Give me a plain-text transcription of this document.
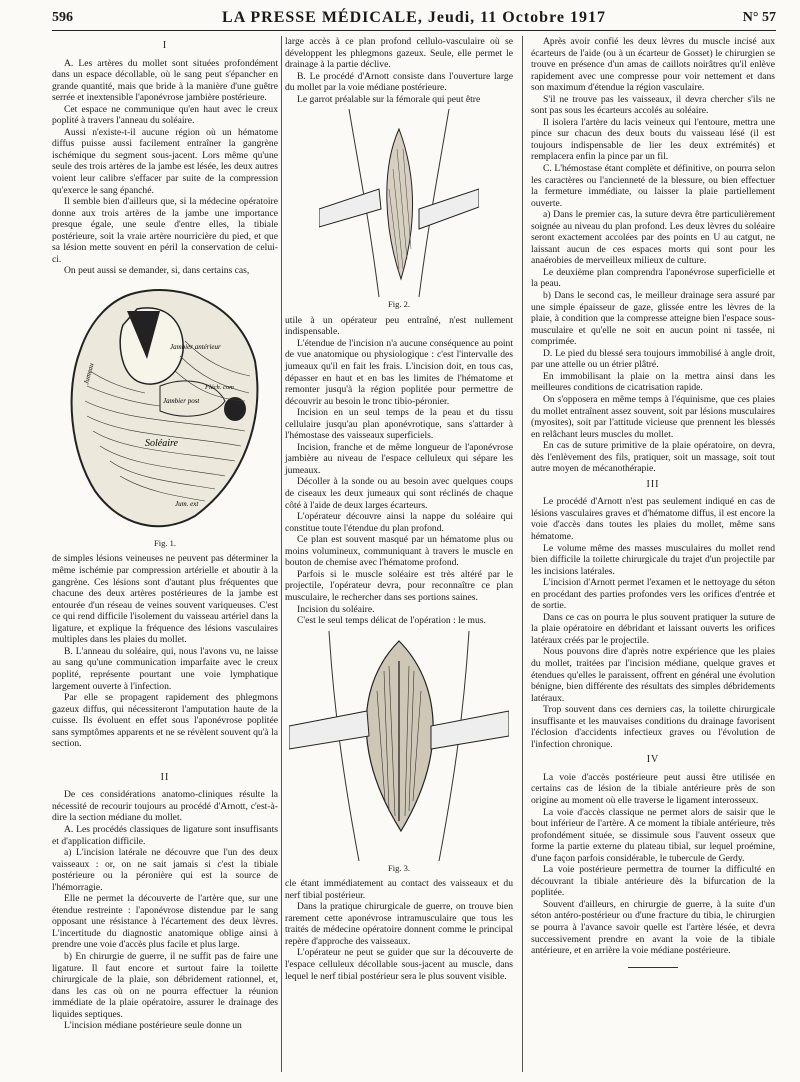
596	LA PRESSE MÉDICALE, Jeudi, 11 Octobre 1917	N° 57
I

A. Les artères du mollet sont situées profondément dans un espace décollable, où le sang peut s'épancher en grande quantité, mais que bride à la manière d'une guêtre serrée et inextensible l'aponévrose jambière postérieure.

Cet espace ne communique qu'en haut avec le creux poplité à travers l'anneau du soléaire.

Aussi n'existe-t-il aucune région où un hématome diffus puisse aussi facilement entraîner la gangrène ischémique du segment sous-jacent. Lors même qu'une seule des trois artères de la jambe est lésée, les deux autres voient leur calibre s'effacer par suite de la compression qu'exerce le sang épanché.

Il semble bien d'ailleurs que, si la médecine opératoire donne aux trois artères de la jambe une importance presque égale, une seule d'entre elles, la tibiale postérieure, soit la vraie artère nourricière du pied, et que sa lésion mette souvent en péril la conservation de celui-ci.

On peut aussi se demander, si, dans certains cas,

Jambier antérieur
Jambier post
Jumeau
Soléaire
Jum. ext
Fléch. com
Fig. 1.

de simples lésions veineuses ne peuvent pas déterminer la même ischémie par compression artérielle et aboutir à la gangrène. Ces lésions sont d'autant plus fréquentes que chacune des deux artères postérieures de la jambe est entourée d'un réseau de veines souvent variqueuses. C'est ce qui rend difficile l'isolement du vaisseau artériel dans la ligature, et explique la fréquence des lésions vasculaires multiples dans les plaies du mollet.

B. L'anneau du soléaire, qui, nous l'avons vu, ne laisse au sang qu'une communication imparfaite avec le creux poplité, représente pourtant une voie lymphatique largement ouverte à l'infection.

Par elle se propagent rapidement des phlegmons gazeux diffus, qui nécessiteront l'amputation haute de la cuisse. Ils évoluent en effet sous l'aponévrose poplitée sans symptômes apparents et ne se révèlent souvent qu'à la section.

II

De ces considérations anatomo-cliniques résulte la nécessité de recourir toujours au procédé d'Arnott, c'est-à-dire la section médiane du mollet.

A. Les procédés classiques de ligature sont insuffisants et d'application difficile.

a) L'incision latérale ne découvre que l'un des deux vaisseaux : or, on ne sait jamais si c'est la tibiale postérieure ou la péronière qui est la source de l'hémorragie.

Elle ne permet la découverte de l'artère que, sur une étendue restreinte : l'aponévrose distendue par le sang opposant une résistance à l'écartement des deux lèvres. L'incertitude du diagnostic anatomique oblige ainsi à prendre une voie d'accès plus facile et plus large.

b) En chirurgie de guerre, il ne suffit pas de faire une ligature. Il faut encore et surtout faire la toilette chirurgicale de la plaie, son débridement rationnel, et, dans les cas où on ne pourra effectuer la réunion immédiate de la plaie opératoire, assurer le drainage des liquides septiques.

L'incision médiane postérieure seule donne un

large accès à ce plan profond cellulo-vasculaire où se développent les phlegmons gazeux. Seule, elle permet le drainage à la partie déclive.

B. Le procédé d'Arnott consiste dans l'ouverture large du mollet par la voie médiane postérieure.

Le garrot préalable sur la fémorale qui peut être

Fig. 2.

utile à un opérateur peu entraîné, n'est nullement indispensable.

L'étendue de l'incision n'a aucune conséquence au point de vue anatomique ou physiologique : c'est l'intervalle des jumeaux qu'il en fait les frais. L'incision doit, en tous cas, dépasser en haut et en bas les limites de l'hématome et remonter jusqu'à la région poplitée pour permettre de découvrir au besoin le tronc tibio-péronier.

Incision en un seul temps de la peau et du tissu cellulaire jusqu'au plan aponévrotique, sans s'attarder à l'hémostase des vaisseaux superficiels.

Incision, franche et de même longueur de l'aponévrose jambière au niveau de l'espace celluleux qui sépare les jumeaux.

Décoller à la sonde ou au besoin avec quelques coups de ciseaux les deux jumeaux qui sont réclinés de chaque côté à l'aide de deux larges écarteurs.

L'opérateur découvre ainsi la nappe du soléaire qui constitue toute l'étendue du plan profond.

Ce plan est souvent masqué par un hématome plus ou moins volumineux, communiquant à travers le muscle en bouton de chemise avec l'hématome profond.

Parfois si le muscle soléaire est très altéré par le projectile, l'opérateur devra, pour reconnaître ce plan musculaire, le rechercher dans ses portions saines.

Incision du soléaire.

C'est le seul temps délicat de l'opération : le mus.

Fig. 3.

cle étant immédiatement au contact des vaisseaux et du nerf tibial postérieur.

Dans la pratique chirurgicale de guerre, on trouve bien rarement cette aponévrose intramusculaire que tous les traités de médecine opératoire donnent comme le principal repère d'approche des vaisseaux.

L'opérateur ne peut se guider que sur la découverte de l'espace celluleux décollable sous-jacent au muscle, dans lequel le nerf tibial postérieur sera le plus souvent visible.

Après avoir confié les deux lèvres du muscle incisé aux écarteurs de l'aide (ou à un écarteur de Gosset) le chirurgien se trouve en présence d'un amas de caillots noirâtres qu'il enlève rapidement avec une compresse pour voir nettement et dans son maximum d'étendue la région vasculaire.

S'il ne trouve pas les vaisseaux, il devra chercher s'ils ne sont pas sous les écarteurs accolés au soléaire.

Il isolera l'artère du lacis veineux qui l'entoure, mettra une pince sur chacun des deux bouts du vaisseau lésé (il est toujours indispensable de lier les deux extrémités) et remplacera enfin la pince par un fil.

C. L'hémostase étant complète et définitive, on pourra selon les caractères ou l'ancienneté de la blessure, ou bien effectuer la fermeture immédiate, ou laisser la plaie partiellement ouverte.

a) Dans le premier cas, la suture devra être particulièrement soignée au niveau du plan profond. Les deux lèvres du soléaire seront exactement accolées par des points en U au catgut, ne laissant aucun de ces espaces morts qui sont pour les anaérobies de merveilleux milieux de culture.

Le deuxième plan comprendra l'aponévrose superficielle et la peau.

b) Dans le second cas, le meilleur drainage sera assuré par une simple épaisseur de gaze, glissée entre les lèvres de la plaie, à condition que la compresse atteigne bien l'espace sous-musculaire et qu'elle ne soit en aucun point ni tassée, ni comprimée.

D. Le pied du blessé sera toujours immobilisé à angle droit, par une attelle ou un étrier plâtré.

En immobilisant la plaie on la mettra ainsi dans les meilleures conditions de cicatrisation rapide.

On s'opposera en même temps à l'équinisme, que ces plaies du mollet entraînent assez souvent, soit par lésions musculaires (myosites), soit par l'attitude vicieuse que prennent les blessés en relâchant leurs muscles du mollet.

En cas de suture primitive de la plaie opératoire, on devra, dès l'enlèvement des fils, pratiquer, soit un massage, soit tout autre moyen de mécanothérapie.

III

Le procédé d'Arnott n'est pas seulement indiqué en cas de lésions vasculaires graves et d'hématome diffus, il est encore la voie d'accès dans toutes les plaies du mollet, même sans hématome.

Le volume même des masses musculaires du mollet rend bien difficile la toilette chirurgicale du trajet d'un projectile par les incisions latérales.

L'incision d'Arnott permet l'examen et le nettoyage du séton en procédant des parties profondes vers les orifices d'entrée et de sortie.

Dans ce cas on pourra le plus souvent pratiquer la suture de la plaie opératoire en débridant et laissant ouverts les orifices latéraux créés par le projectile.

Nous pouvons dire d'après notre expérience que les plaies du mollet, traitées par l'incision médiane, quelque graves et étendues qu'elles le paraissent, offrent en général une évolution bénigne, bien différente des résultats des simples débridements latéraux.

Trop souvent dans ces derniers cas, la toilette chirurgicale insuffisante et les mauvaises conditions du drainage favorisent l'éclosion d'accidents infectieux graves ou l'évolution de l'infection chronique.

IV

La voie d'accès postérieure peut aussi être utilisée en certains cas de lésion de la tibiale antérieure près de son origine au moment où elle traverse le ligament interosseux.

La voie d'accès classique ne permet alors de saisir que le bout inférieur de l'artère. A ce moment la tibiale antérieure, très profondément située, se dissimule sous l'auvent osseux que forme la partie externe du plateau tibial, sur lequel proémine, d'une façon parfois considérable, le tubercule de Gerdy.

La voie postérieure permettra de tourner la difficulté en découvrant la tibiale antérieure dès la bifurcation de la poplitée.

Souvent d'ailleurs, en chirurgie de guerre, à la suite d'un séton antéro-postérieur ou d'une fracture du tibia, le chirurgien se pourra à l'avance savoir quelle est l'artère lésée, et devra successivement prendre en avant la voie de la tibiale antérieure, et en arrière la voie médiane postérieure.
